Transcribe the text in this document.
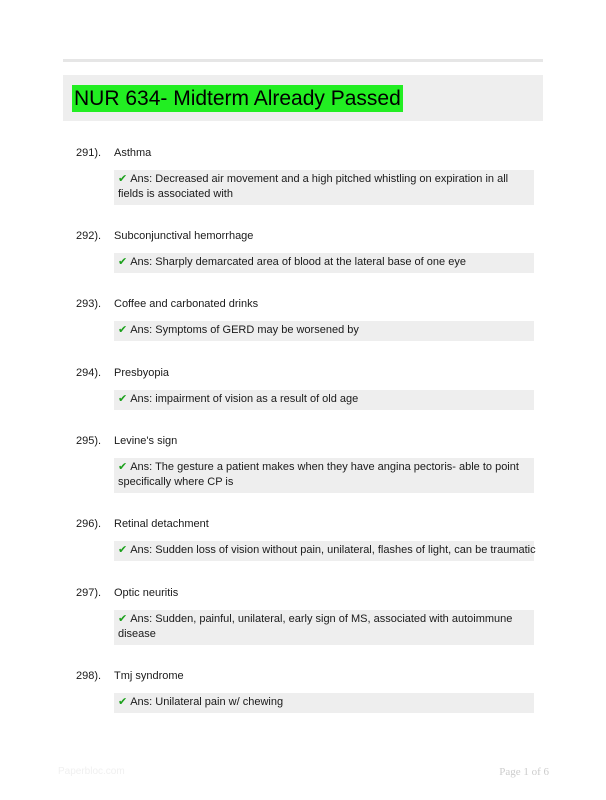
NUR 634- Midterm Already Passed
291). Asthma
✔ Ans: Decreased air movement and a high pitched whistling on expiration in all fields is associated with
292). Subconjunctival hemorrhage
✔ Ans: Sharply demarcated area of blood at the lateral base of one eye
293). Coffee and carbonated drinks
✔ Ans: Symptoms of GERD may be worsened by
294). Presbyopia
✔ Ans: impairment of vision as a result of old age
295). Levine's sign
✔ Ans: The gesture a patient makes when they have angina pectoris- able to point specifically where CP is
296). Retinal detachment
✔ Ans: Sudden loss of vision without pain, unilateral, flashes of light, can be traumatic
297). Optic neuritis
✔ Ans: Sudden, painful, unilateral, early sign of MS, associated with autoimmune disease
298). Tmj syndrome
✔ Ans: Unilateral pain w/ chewing
Paperbloc.com	Page 1 of 6
